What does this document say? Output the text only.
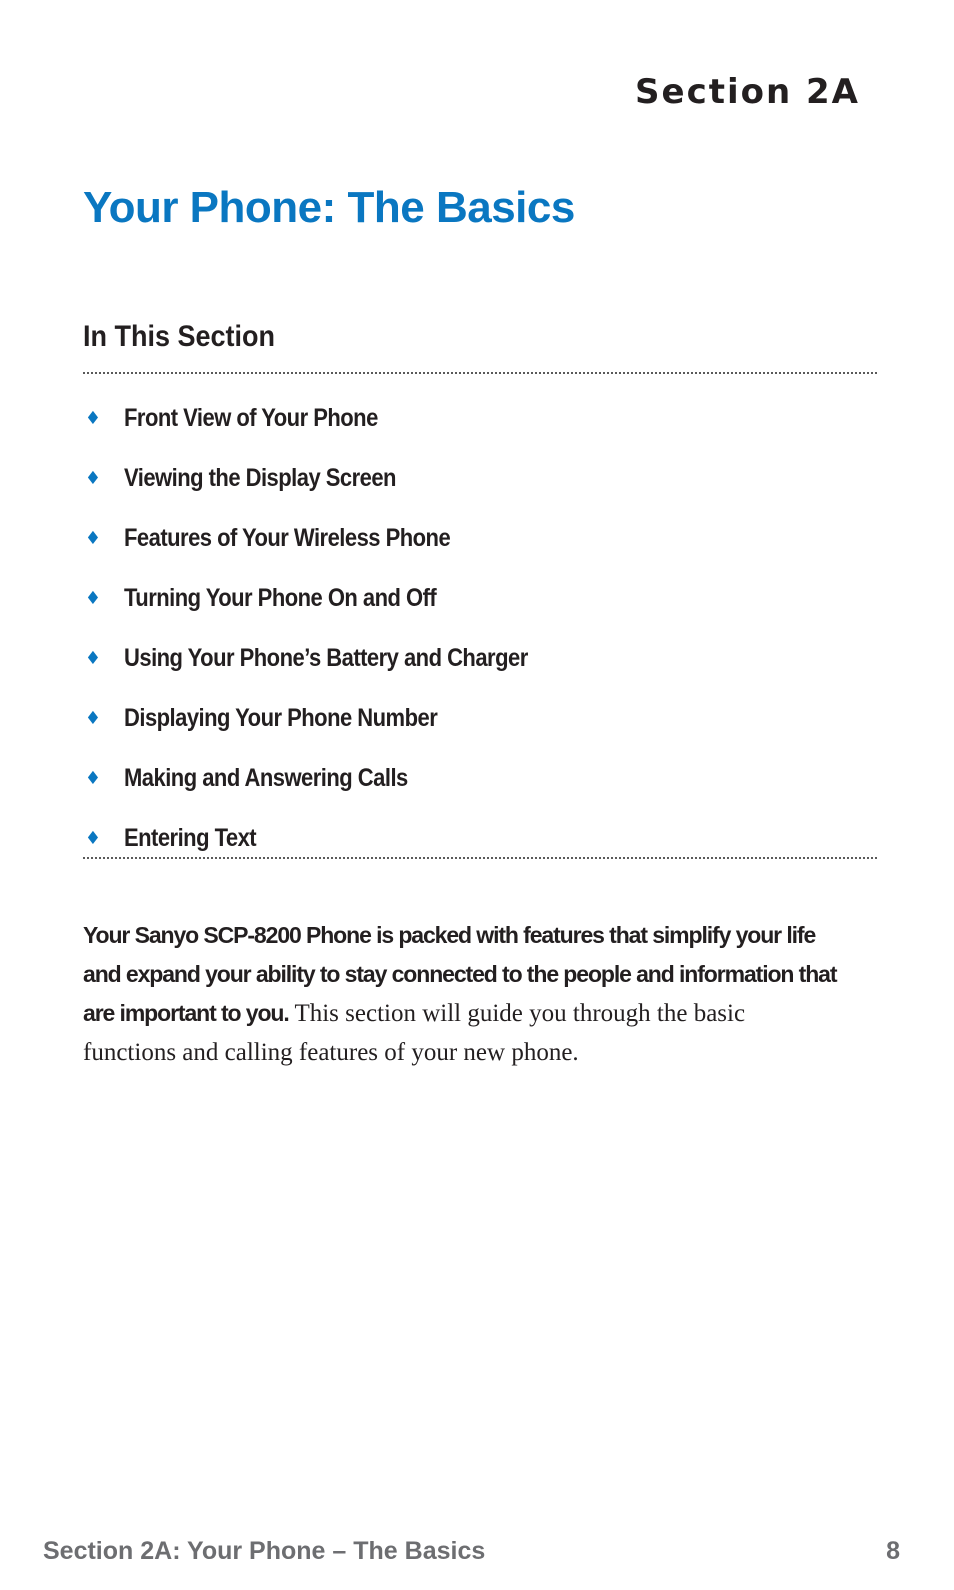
Section 2A
Your Phone: The Basics
In This Section
♦ Front View of Your Phone
♦ Viewing the Display Screen
♦ Features of Your Wireless Phone
♦ Turning Your Phone On and Off
♦ Using Your Phone’s Battery and Charger
♦ Displaying Your Phone Number
♦ Making and Answering Calls
♦ Entering Text

Your Sanyo SCP-8200 Phone is packed with features that simplify your life and expand your ability to stay connected to the people and information that are important to you. This section will guide you through the basic functions and calling features of your new phone.

Section 2A: Your Phone – The Basics	8
